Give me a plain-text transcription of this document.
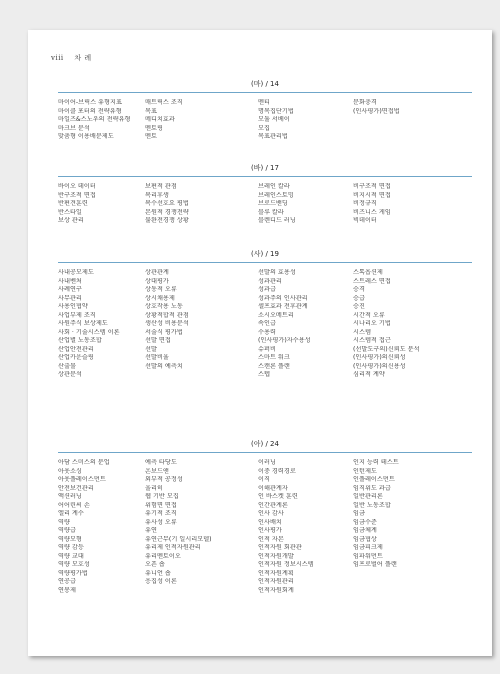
viii 차 례
(마) / 14
마이어-브릭스 유형지표
마이클 포터의 전략유형
마일즈&스노우의 전략유형
마크브 분석
맞춤형 이용배분제도
매트릭스 조직
목표
메디치효과
멘토링
멘토
멘티
명목집단기법
모듈 서베이
모집
목표관리법
문화충격
(인사평가)면접법
(바) / 17
바이오 데이터
반구조적 면접
반편견훈련
반스타일
보상 관리
보편적 관점
복리후생
복수선호요 평법
본원적 경쟁전략
불완전경쟁 상황
브레인 칼라
브레인스토밍
브로드밴딩
블루 칼라
블렌디드 러닝
비구조적 면접
비지시적 면접
비정규직
비즈니스 게임
빅데이터
(사) / 19
사내공모제도
사내벤처
사례연구
사무관리
사용인협약
사업부제 조직
사원주식 보상제도
사회 · 기술시스템 이론
산업별 노동조합
산업안전관리
산업카운슬링
산출물
상관분석
상관관계
상대평가
상동적 오류
상시채용제
상호작용 노동
상황적합적 관점
생산성 비용분석
서술식 평가법
선발 면접
선발
선발비율
선발의 예측치
선발의 효용성
성과관리
성과급
성과주의 인사관리
셀프효과 전후관계
소시오메트리
속인급
수용력
(인사평가)자수용성
슈퍼비
스마트 워크
스캔론 플랜
스텝
스톡옵션제
스트레스 면접
승격
승급
승진
시간적 오류
시나리오 기법
시스템
시스템적 접근
(선발도구의)신뢰도 분석
(인사평가)의신뢰성
(인사평가)의신용성
심리적 계약
(아) / 24
아담 스미스의 분업
아웃소싱
아웃플레이스먼트
안전보건관리
액션러닝
어어린씨 손
엘리 계수
역량
역량급
역량모형
역량 감등
역량 교대
역량 모호성
역량평가법
연공급
연봉제
예측 타당도
온보드앤
외부적 공정성
울리히
웹 기반 모집
위험면 면접
유기적 조직
유사성 오류
유연
유연근무(기 일시리모델)
유리제 인적자원관리
유리멘토이오
오픈 숍
유니언 숍
응집성 이론
이러닝
이중 경력경로
이직
이해관계자
인 바스켓 훈련
인간관계론
인사 감사
인사배치
인사평가
인적 자본
인적자원 회관관
인적자원개발
인적자원 정보시스템
인적자원계획
인적자원관리
인적자원회계
인지 능력 테스트
인턴제도
인플레이스먼트
임직위도 과급
일반관리론
일반 노동조합
임금
임금수준
임금체계
임금협상
임금피크제
임파워먼트
임프로벌어 플랜
